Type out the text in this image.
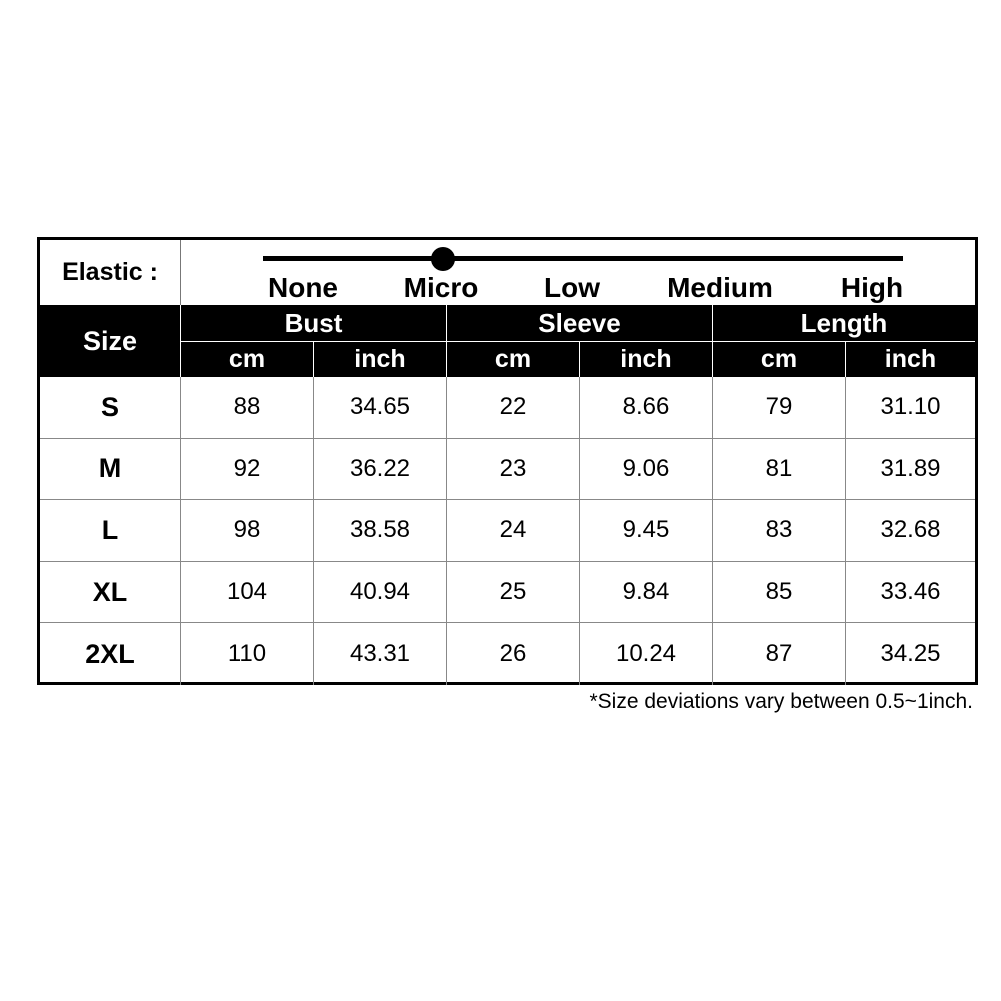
Elastic :	None Micro Low Medium High
Size
Bust	Sleeve	Length
cm	inch	cm	inch	cm	inch
S	88	34.65	22	8.66	79	31.10
M	92	36.22	23	9.06	81	31.89
L	98	38.58	24	9.45	83	32.68
XL	104	40.94	25	9.84	85	33.46
2XL	110	43.31	26	10.24	87	34.25
*Size deviations vary between 0.5~1inch.
